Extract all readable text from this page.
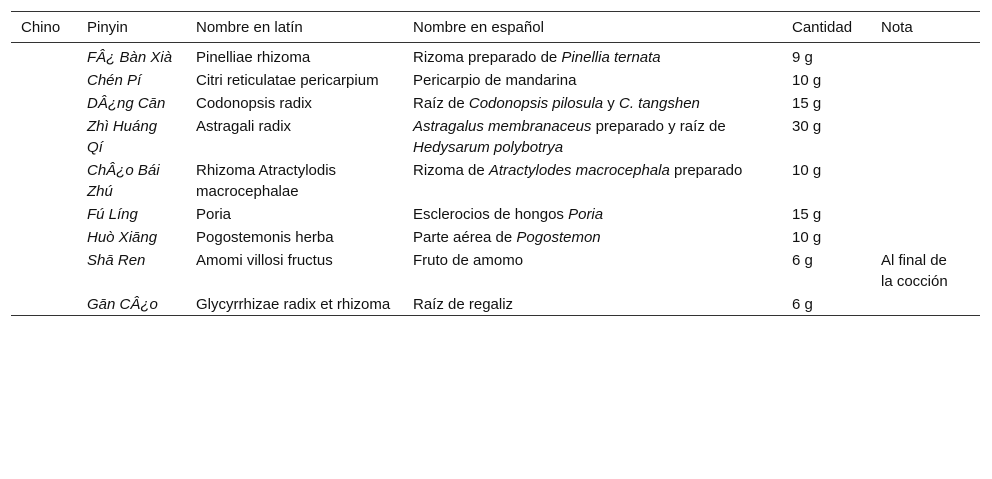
Chino	Pinyin	Nombre en latín	Nombre en español	Cantidad	Nota
	FÂ¿ Bàn Xià	Pinelliae rhizoma	Rizoma preparado de Pinellia ternata	9 g	
	Chén Pí	Citri reticulatae pericarpium	Pericarpio de mandarina	10 g	
	DÂ¿ng Cān	Codonopsis radix	Raíz de Codonopsis pilosula y C. tangshen	15 g	
	Zhì Huáng Qí	Astragali radix	Astragalus membranaceus preparado y raíz de Hedysarum polybotrya	30 g	
	ChÂ¿o Bái Zhú	Rhizoma Atractylodis macrocephalae	Rizoma de Atractylodes macrocephala preparado	10 g	
	Fú Líng	Poria	Esclerocios de hongos Poria	15 g	
	Huò Xiāng	Pogostemonis herba	Parte aérea de Pogostemon	10 g	
	Shā Ren	Amomi villosi fructus	Fruto de amomo	6 g	Al final de la cocción
	Gān CÂ¿o	Glycyrrhizae radix et rhizoma	Raíz de regaliz	6 g	
